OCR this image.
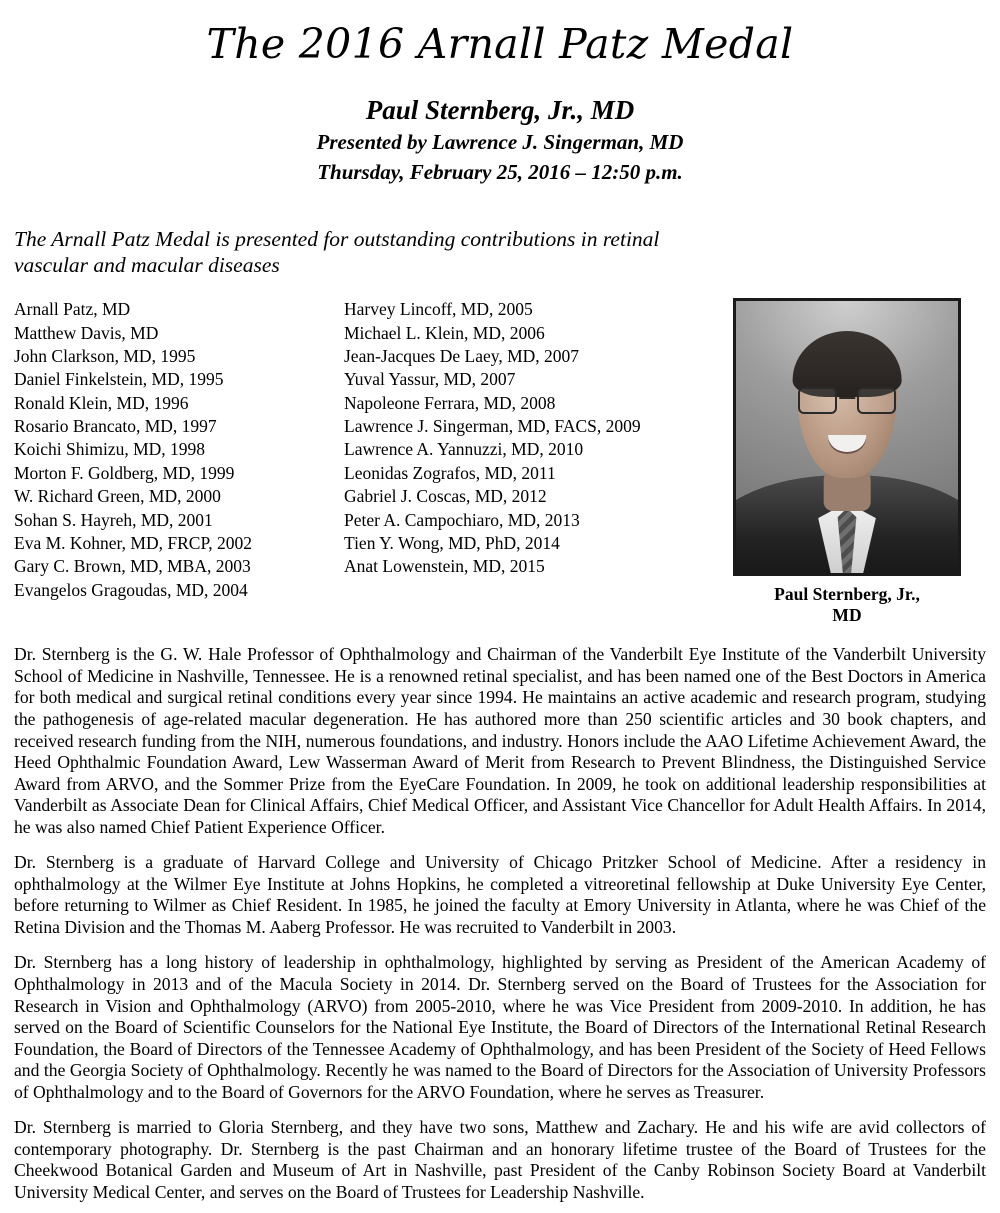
The 2016 Arnall Patz Medal
Paul Sternberg, Jr., MD
Presented by Lawrence J. Singerman, MD
Thursday, February 25, 2016 – 12:50 p.m.
The Arnall Patz Medal is presented for outstanding contributions in retinal vascular and macular diseases
Arnall Patz, MD
Matthew Davis, MD
John Clarkson, MD, 1995
Daniel Finkelstein, MD, 1995
Ronald Klein, MD, 1996
Rosario Brancato, MD, 1997
Koichi Shimizu, MD, 1998
Morton F. Goldberg, MD, 1999
W. Richard Green, MD, 2000
Sohan S. Hayreh, MD, 2001
Eva M. Kohner, MD, FRCP, 2002
Gary C. Brown, MD, MBA, 2003
Evangelos Gragoudas, MD, 2004
Harvey Lincoff, MD, 2005
Michael L. Klein, MD, 2006
Jean-Jacques De Laey, MD, 2007
Yuval Yassur, MD, 2007
Napoleone Ferrara, MD, 2008
Lawrence J. Singerman, MD, FACS, 2009
Lawrence A. Yannuzzi, MD, 2010
Leonidas Zografos, MD, 2011
Gabriel J. Coscas, MD, 2012
Peter A. Campochiaro, MD, 2013
Tien Y. Wong, MD, PhD, 2014
Anat Lowenstein, MD, 2015
Paul Sternberg, Jr.,
MD

Dr. Sternberg is the G. W. Hale Professor of Ophthalmology and Chairman of the Vanderbilt Eye Institute of the Vanderbilt University School of Medicine in Nashville, Tennessee. He is a renowned retinal specialist, and has been named one of the Best Doctors in America for both medical and surgical retinal conditions every year since 1994. He maintains an active academic and research program, studying the pathogenesis of age-related macular degeneration. He has authored more than 250 scientific articles and 30 book chapters, and received research funding from the NIH, numerous foundations, and industry. Honors include the AAO Lifetime Achievement Award, the Heed Ophthalmic Foundation Award, Lew Wasserman Award of Merit from Research to Prevent Blindness, the Distinguished Service Award from ARVO, and the Sommer Prize from the EyeCare Foundation. In 2009, he took on additional leadership responsibilities at Vanderbilt as Associate Dean for Clinical Affairs, Chief Medical Officer, and Assistant Vice Chancellor for Adult Health Affairs. In 2014, he was also named Chief Patient Experience Officer.

Dr. Sternberg is a graduate of Harvard College and University of Chicago Pritzker School of Medicine. After a residency in ophthalmology at the Wilmer Eye Institute at Johns Hopkins, he completed a vitreoretinal fellowship at Duke University Eye Center, before returning to Wilmer as Chief Resident. In 1985, he joined the faculty at Emory University in Atlanta, where he was Chief of the Retina Division and the Thomas M. Aaberg Professor. He was recruited to Vanderbilt in 2003.

Dr. Sternberg has a long history of leadership in ophthalmology, highlighted by serving as President of the American Academy of Ophthalmology in 2013 and of the Macula Society in 2014. Dr. Sternberg served on the Board of Trustees for the Association for Research in Vision and Ophthalmology (ARVO) from 2005-2010, where he was Vice President from 2009-2010. In addition, he has served on the Board of Scientific Counselors for the National Eye Institute, the Board of Directors of the International Retinal Research Foundation, the Board of Directors of the Tennessee Academy of Ophthalmology, and has been President of the Society of Heed Fellows and the Georgia Society of Ophthalmology. Recently he was named to the Board of Directors for the Association of University Professors of Ophthalmology and to the Board of Governors for the ARVO Foundation, where he serves as Treasurer.

Dr. Sternberg is married to Gloria Sternberg, and they have two sons, Matthew and Zachary. He and his wife are avid collectors of contemporary photography. Dr. Sternberg is the past Chairman and an honorary lifetime trustee of the Board of Trustees for the Cheekwood Botanical Garden and Museum of Art in Nashville, past President of the Canby Robinson Society Board at Vanderbilt University Medical Center, and serves on the Board of Trustees for Leadership Nashville.
